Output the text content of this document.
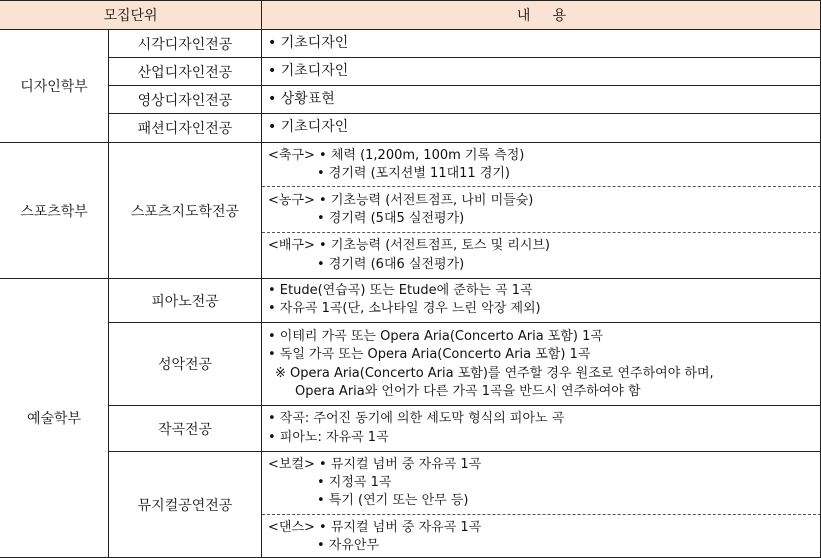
모집단위	내     용
디자인학부
시각디자인전공
산업디자인전공
영상디자인전공
패션디자인전공
• 기초디자인
• 기초디자인
• 상황표현
• 기초디자인
스포츠학부	스포츠지도학전공
<축구> • 체력 (1,200m, 100m 기록 측정)
• 경기력 (포지션별 11대11 경기)
<농구> • 기초능력 (서전트점프, 나비 미들슛)
• 경기력 (5대5 실전평가)
<배구> • 기초능력 (서전트점프, 토스 및 리시브)
• 경기력 (6대6 실전평가)
예술학부
피아노전공
성악전공
작곡전공
뮤지컬공연전공
• Etude(연습곡) 또는 Etude에 준하는 곡 1곡
• 자유곡 1곡(단, 소나타일 경우 느린 악장 제외)
• 이테리 가곡 또는 Opera Aria(Concerto Aria 포함) 1곡
• 독일 가곡 또는 Opera Aria(Concerto Aria 포함) 1곡
※ Opera Aria(Concerto Aria 포함)를 연주할 경우 원조로 연주하여야 하며,
Opera Aria와 언어가 다른 가곡 1곡을 반드시 연주하여야 함
• 작곡: 주어진 동기에 의한 세도막 형식의 피아노 곡
• 피아노: 자유곡 1곡
<보컬> • 뮤지컬 넘버 중 자유곡 1곡
• 지정곡 1곡
• 특기 (연기 또는 안무 등)
<댄스> • 뮤지컬 넘버 중 자유곡 1곡
• 자유안무
